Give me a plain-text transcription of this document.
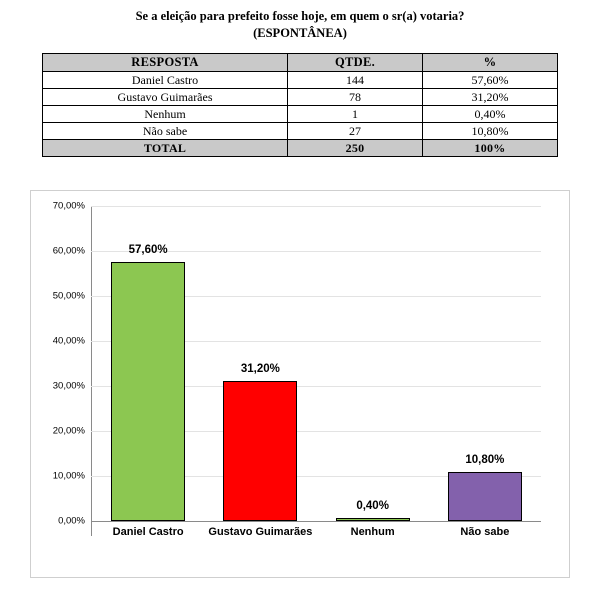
Se a eleição para prefeito fosse hoje, em quem o sr(a) votaria?
(ESPONTÂNEA)
RESPOSTA	QTDE.	%
Daniel Castro	144	57,60%
Gustavo Guimarães	78	31,20%
Nenhum	1	0,40%
Não sabe	27	10,80%
TOTAL	250	100%
0,00%
10,00%
20,00%
30,00%
40,00%
50,00%
60,00%
70,00%
57,60%
31,20%
0,40%
10,80%
Daniel Castro Gustavo Guimarães	Nenhum	Não sabe
